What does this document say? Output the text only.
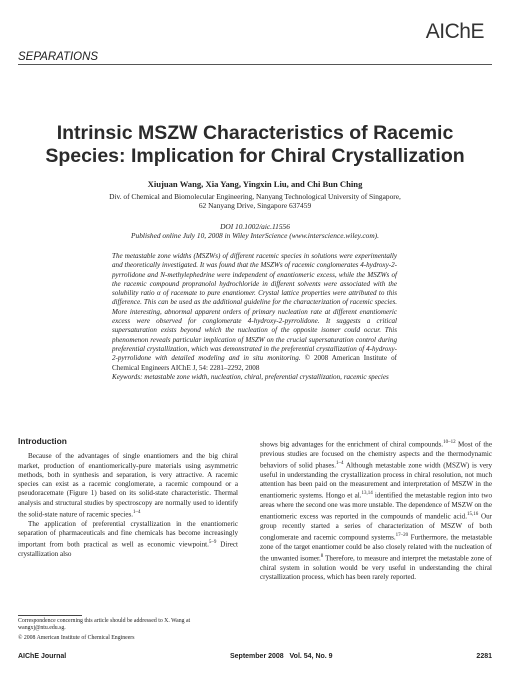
AIChE
SEPARATIONS
Intrinsic MSZW Characteristics of Racemic Species: Implication for Chiral Crystallization
Xiujuan Wang, Xia Yang, Yingxin Liu, and Chi Bun Ching
Div. of Chemical and Biomolecular Engineering, Nanyang Technological University of Singapore,
62 Nanyang Drive, Singapore 637459
DOI 10.1002/aic.11556
Published online July 10, 2008 in Wiley InterScience (www.interscience.wiley.com).
The metastable zone widths (MSZWs) of different racemic species in solutions were experimentally and theoretically investigated. It was found that the MSZWs of racemic conglomerates 4-hydroxy-2-pyrrolidone and N-methylephedrine were independent of enantiomeric excess, while the MSZWs of the racemic compound propranolol hydrochloride in different solvents were associated with the solubility ratio α of racemate to pure enantiomer. Crystal lattice properties were attributed to this difference. This can be used as the additional guideline for the characterization of racemic species. More interesting, abnormal apparent orders of primary nucleation rate at different enantiomeric excess were observed for conglomerate 4-hydroxy-2-pyrrolidone. It suggests a critical supersaturation exists beyond which the nucleation of the opposite isomer could occur. This phenomenon reveals particular implication of MSZW on the crucial supersaturation control during preferential crystallization, which was demonstrated in the preferential crystallization of 4-hydroxy-2-pyrrolidone with detailed modeling and in situ monitoring. © 2008 American Institute of Chemical Engineers AIChE J, 54: 2281–2292, 2008
Keywords: metastable zone width, nucleation, chiral, preferential crystallization, racemic species
Introduction

Because of the advantages of single enantiomers and the big chiral market, production of enantiomerically-pure materials using asymmetric methods, both in synthesis and separation, is very attractive. A racemic species can exist as a racemic conglomerate, a racemic compound or a pseudoracemate (Figure 1) based on its solid-state characteristic. Thermal analysis and structural studies by spectroscopy are normally used to identify the solid-state nature of racemic species.$^{1-4}$

The application of preferential crystallization in the enantiomeric separation of pharmaceuticals and fine chemicals has become increasingly important from both practical as well as economic viewpoint.$^{5-9}$ Direct crystallization also

shows big advantages for the enrichment of chiral compounds.$^{10-12}$ Most of the previous studies are focused on the chemistry aspects and the thermodynamic behaviors of solid phases.$^{1-4}$ Although metastable zone width (MSZW) is very useful in understanding the crystallization process in chiral resolution, not much attention has been paid on the measurement and interpretation of MSZW in the enantiomeric systems. Hongo et al.$^{13,14}$ identified the metastable region into two areas where the second one was more unstable. The dependence of MSZW on the enantiomeric excess was reported in the compounds of mandelic acid.$^{15,16}$ Our group recently started a series of characterization of MSZW of both conglomerate and racemic compound systems.$^{17-20}$ Furthermore, the metastable zone of the target enantiomer could be also closely related with the nucleation of the unwanted isomer.$^8$ Therefore, to measure and interpret the metastable zone of chiral system in solution would be very useful in understanding the chiral crystallization process, which has been rarely reported.

Correspondence concerning this article should be addressed to X. Wang at wangxj@ntu.edu.sg.
© 2008 American Institute of Chemical Engineers
AIChE Journal	September 2008   Vol. 54, No. 9	2281
